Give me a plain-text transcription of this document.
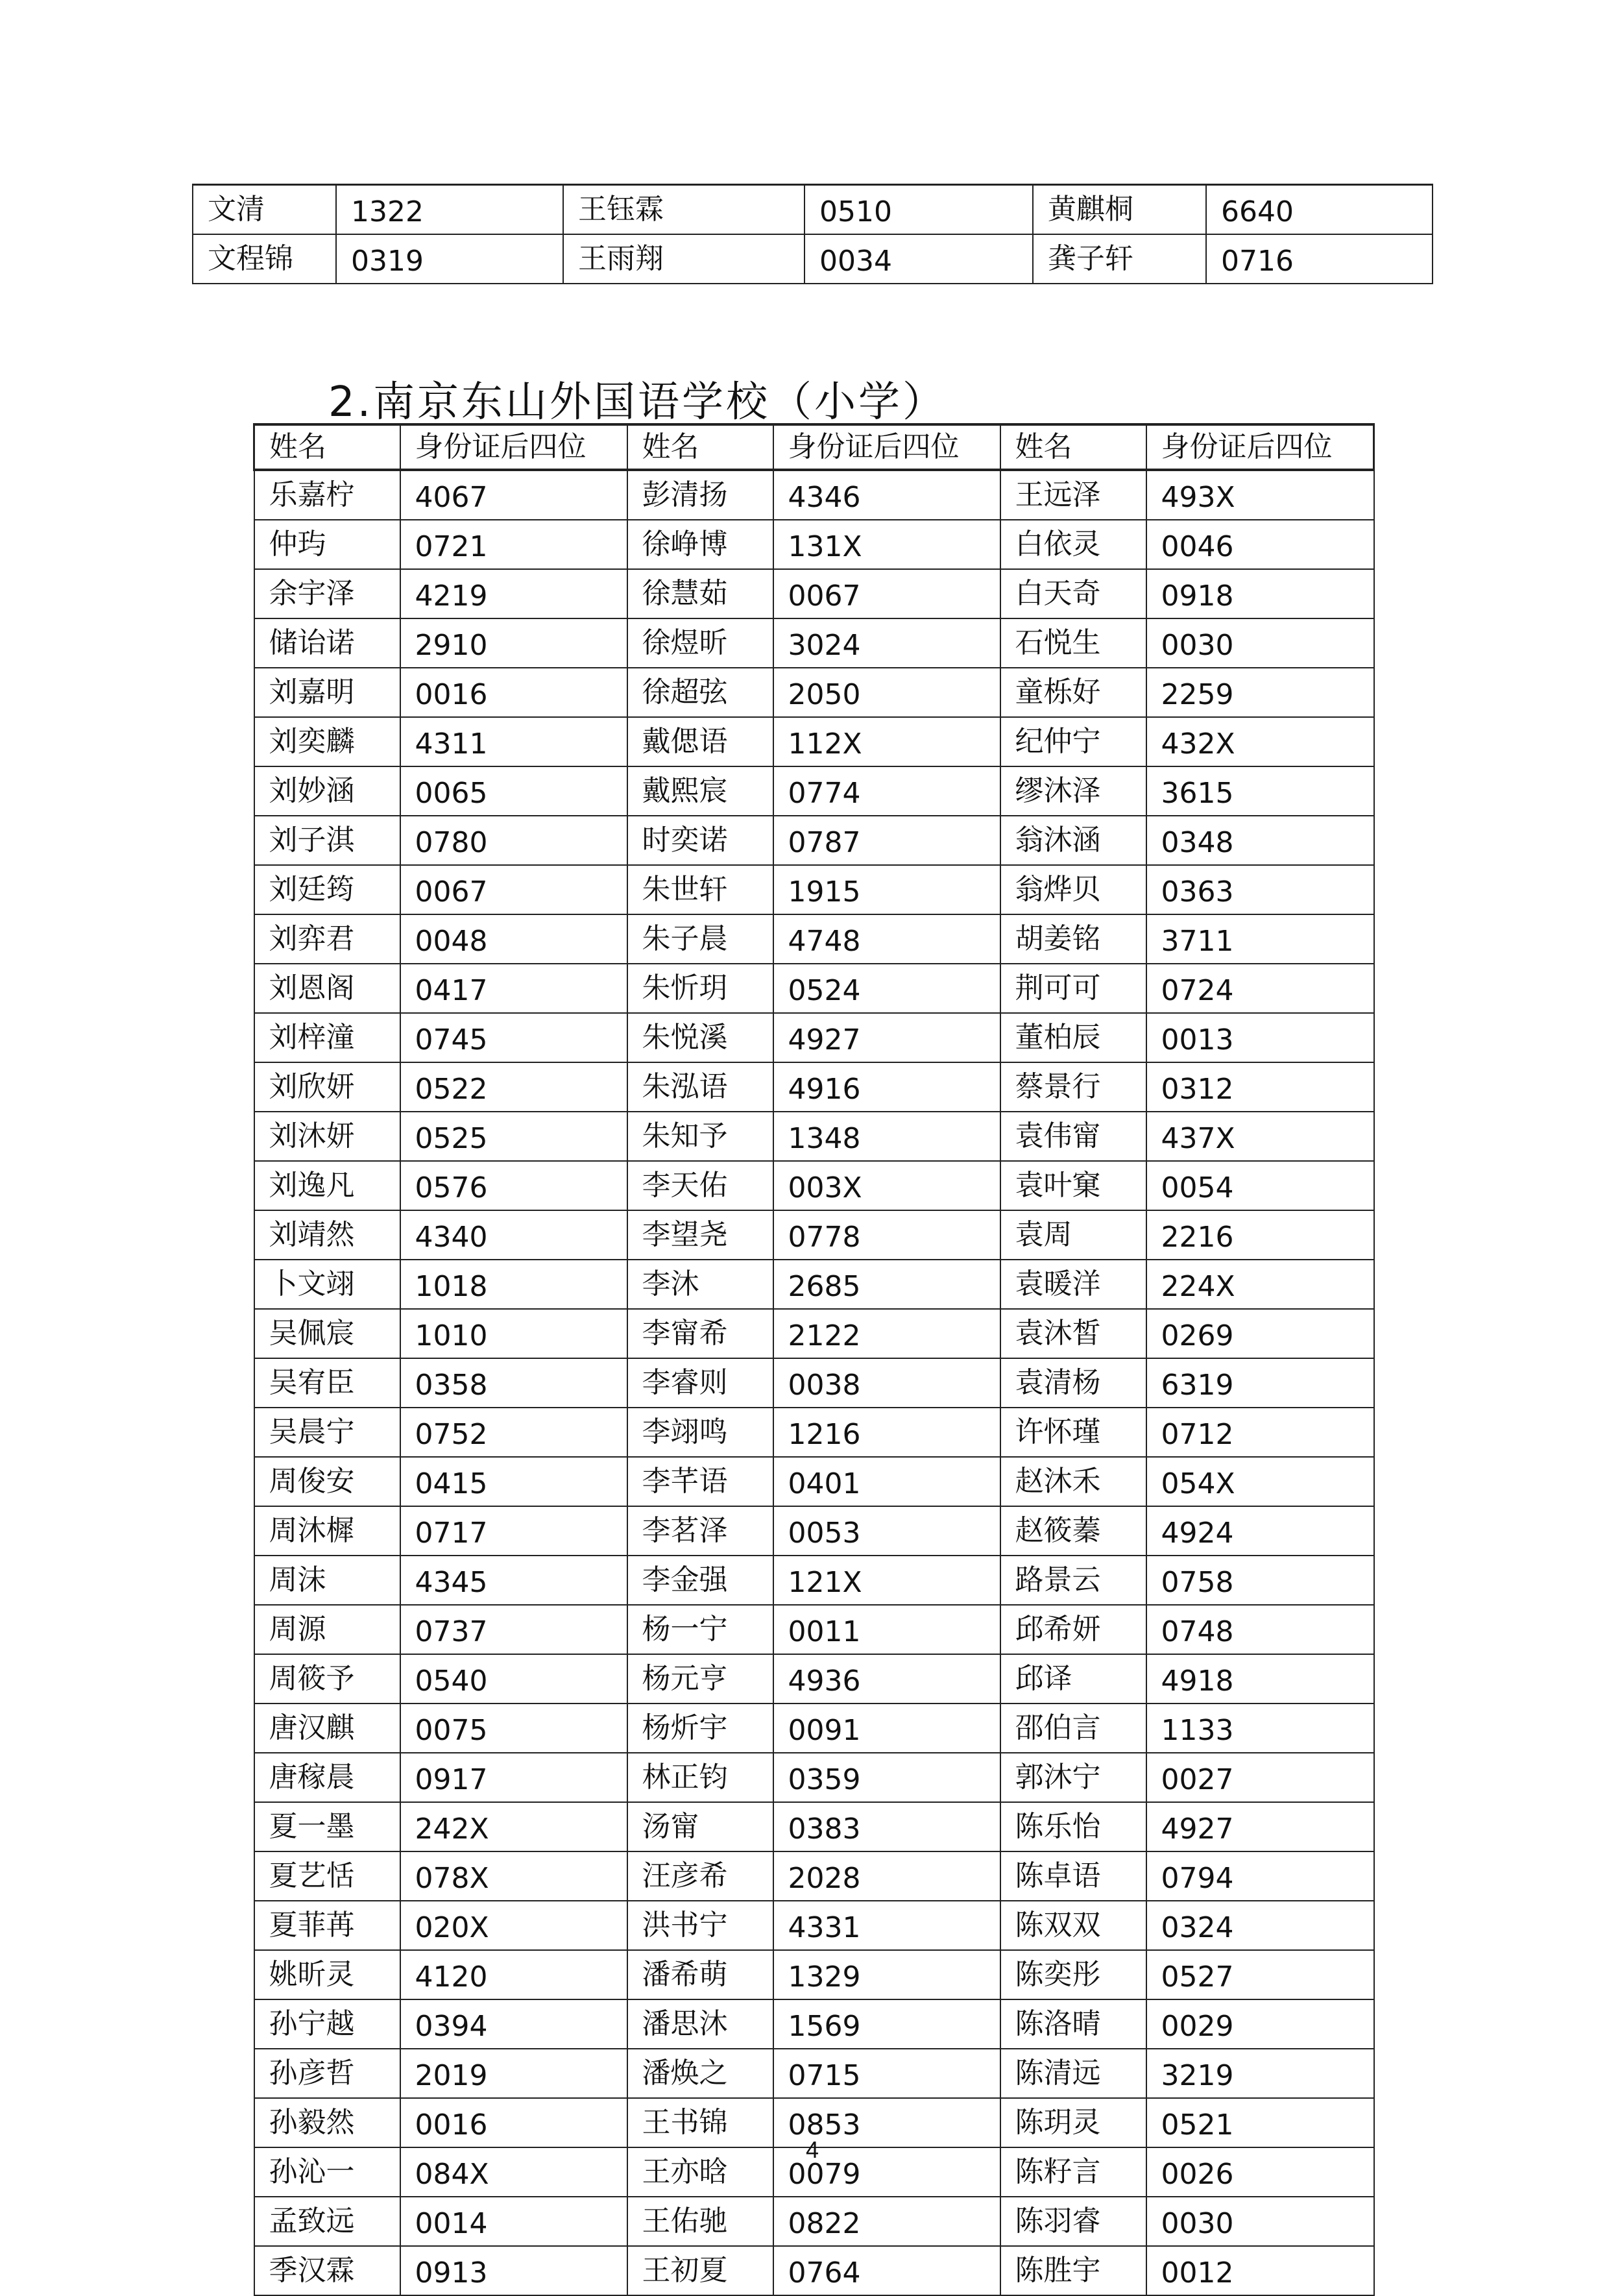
文清	1322	王钰霖	0510	黄麒桐	6640
文程锦	0319	王雨翔	0034	龚子轩	0716
2.南京东山外国语学校（小学）
姓名	身份证后四位	姓名	身份证后四位	姓名	身份证后四位
乐嘉柠	4067	彭清扬	4346	王远泽	493X
仲玙	0721	徐峥博	131X	白依灵	0046
余宇泽	4219	徐慧茹	0067	白天奇	0918
储诒诺	2910	徐煜昕	3024	石悦生	0030
刘嘉明	0016	徐超弦	2050	童栎好	2259
刘奕麟	4311	戴偲语	112X	纪仲宁	432X
刘妙涵	0065	戴熙宸	0774	缪沐泽	3615
刘子淇	0780	时奕诺	0787	翁沐涵	0348
刘廷筠	0067	朱世轩	1915	翁烨贝	0363
刘弈君	0048	朱子晨	4748	胡姜铭	3711
刘恩阁	0417	朱忻玥	0524	荆可可	0724
刘梓潼	0745	朱悦溪	4927	董柏辰	0013
刘欣妍	0522	朱泓语	4916	蔡景行	0312
刘沐妍	0525	朱知予	1348	袁伟甯	437X
刘逸凡	0576	李天佑	003X	袁叶窠	0054
刘靖然	4340	李望尧	0778	袁周	2216
卜文翊	1018	李沐	2685	袁暖洋	224X
吴佩宸	1010	李甯希	2122	袁沐皙	0269
吴宥臣	0358	李睿则	0038	袁清杨	6319
吴晨宁	0752	李翊鸣	1216	许怀瑾	0712
周俊安	0415	李芊语	0401	赵沐禾	054X
周沐樨	0717	李茗泽	0053	赵筱蓁	4924
周沫	4345	李金强	121X	路景云	0758
周源	0737	杨一宁	0011	邱希妍	0748
周筱予	0540	杨元亨	4936	邱译	4918
唐汉麒	0075	杨炘宇	0091	邵伯言	1133
唐稼晨	0917	林正钧	0359	郭沐宁	0027
夏一墨	242X	汤甯	0383	陈乐怡	4927
夏艺恬	078X	汪彦希	2028	陈卓语	0794
夏菲苒	020X	洪书宁	4331	陈双双	0324
姚昕灵	4120	潘希萌	1329	陈奕彤	0527
孙宁越	0394	潘思沐	1569	陈洛晴	0029
孙彦哲	2019	潘焕之	0715	陈清远	3219
孙毅然	0016	王书锦	0853	陈玥灵	0521
孙沁一	084X	王亦晗	0079	陈籽言	0026
孟致远	0014	王佑驰	0822	陈羽睿	0030
季汉霖	0913	王初夏	0764	陈胜宇	0012
4
